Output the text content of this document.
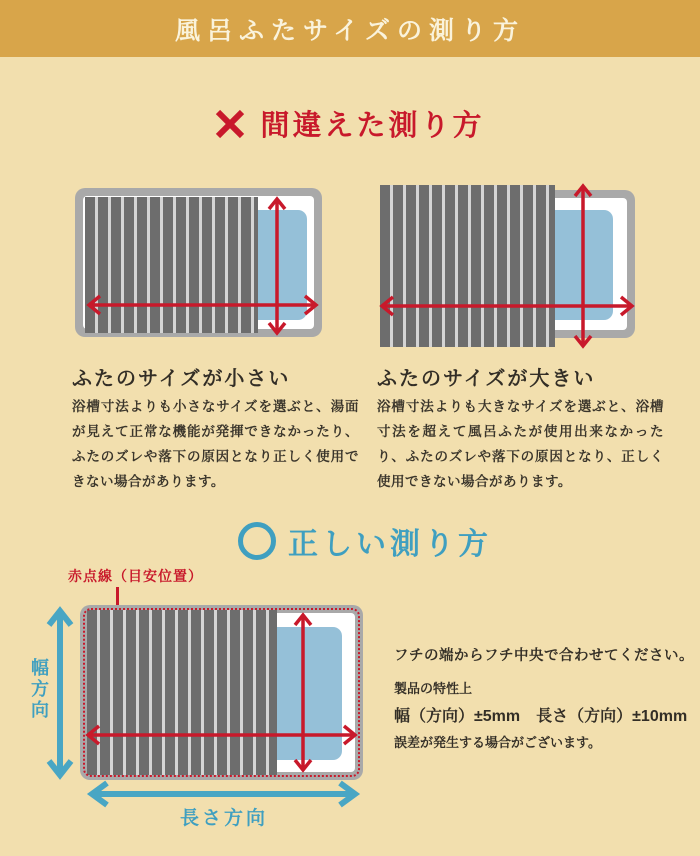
風呂ふたサイズの測り方
間違えた測り方
ふたのサイズが小さい
浴槽寸法よりも小さなサイズを選ぶと、湯面が見えて正常な機能が発揮できなかったり、ふたのズレや落下の原因となり正しく使用できない場合があります。
ふたのサイズが大きい
浴槽寸法よりも大きなサイズを選ぶと、浴槽寸法を超えて風呂ふたが使用出来なかったり、ふたのズレや落下の原因となり、正しく使用できない場合があります。
正しい測り方
赤点線（目安位置）
幅方向
長さ方向

フチの端からフチ中央で合わせてください。

製品の特性上

幅（方向）±5mm　長さ（方向）±10mm

誤差が発生する場合がございます。
